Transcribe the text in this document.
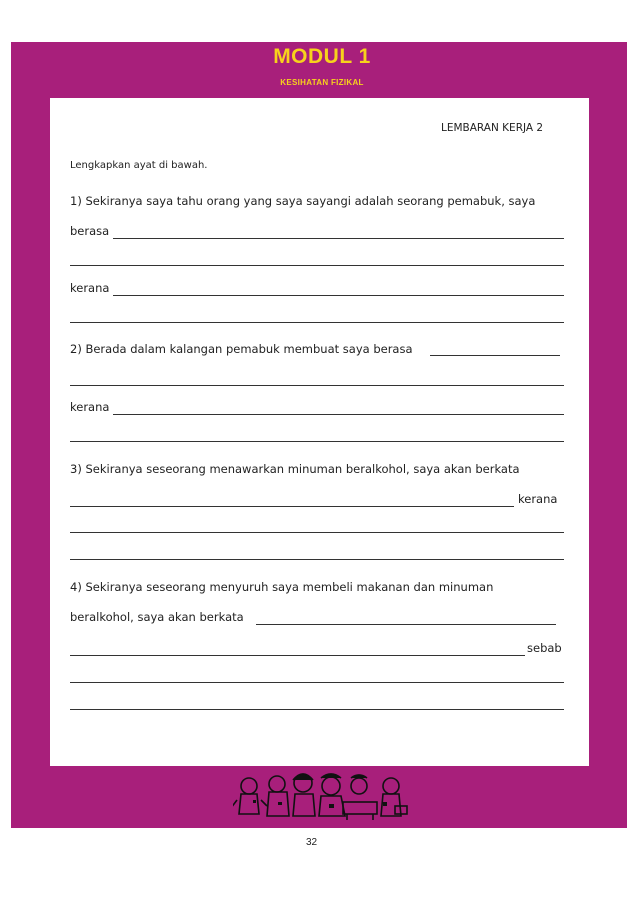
MODUL 1
KESIHATAN FIZIKAL
LEMBARAN KERJA 2
Lengkapkan ayat di bawah.
1) Sekiranya saya tahu orang yang saya sayangi adalah seorang pemabuk, saya
berasa
kerana
2) Berada dalam kalangan pemabuk membuat saya berasa
kerana
3) Sekiranya seseorang menawarkan minuman beralkohol, saya akan berkata
kerana
4) Sekiranya seseorang menyuruh saya membeli makanan dan minuman
beralkohol, saya akan berkata
sebab
32
